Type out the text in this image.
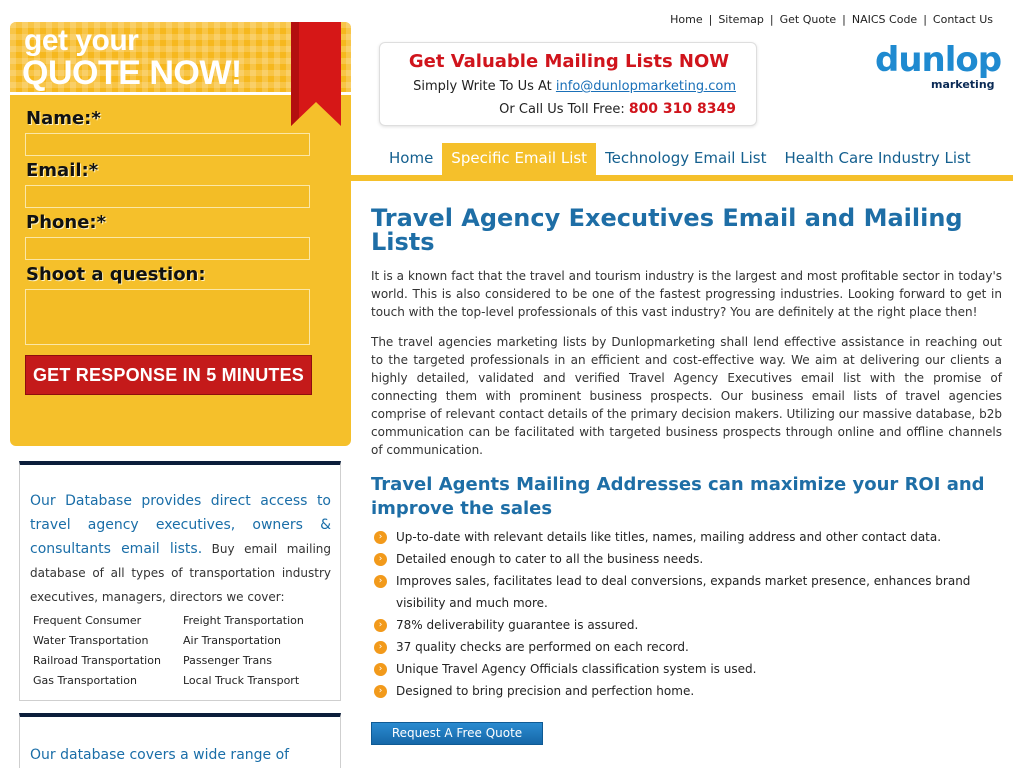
get your
QUOTE NOW!
Name:*
Email:*
Phone:*
Shoot a question:
GET RESPONSE IN 5 MINUTES

Our Database provides direct access to travel agency executives, owners & consultants email lists. Buy email mailing database of all types of transportation industry executives, managers, directors we cover:

Frequent Consumer	Freight Transportation
Water Transportation	Air Transportation
Railroad Transportation	Passenger Trans
Gas Transportation	Local Truck Transport
Our database covers a wide range of
Home | Sitemap | Get Quote | NAICS Code | Contact Us
Get Valuable Mailing Lists NOW
Simply Write To Us At info@dunlopmarketing.com
Or Call Us Toll Free: 800 310 8349
dunlop
marketing
Home	Specific Email List	Technology Email List	Health Care Industry List
Travel Agency Executives Email and Mailing Lists

It is a known fact that the travel and tourism industry is the largest and most profitable sector in today's world. This is also considered to be one of the fastest progressing industries. Looking forward to get in touch with the top-level professionals of this vast industry? You are definitely at the right place then!

The travel agencies marketing lists by Dunlopmarketing shall lend effective assistance in reaching out to the targeted professionals in an efficient and cost-effective way. We aim at delivering our clients a highly detailed, validated and verified Travel Agency Executives email list with the promise of connecting them with prominent business prospects. Our business email lists of travel agencies comprise of relevant contact details of the primary decision makers. Utilizing our massive database, b2b communication can be facilitated with targeted business prospects through online and offline channels of communication.

Travel Agents Mailing Addresses can maximize your ROI and improve the sales
›	Up-to-date with relevant details like titles, names, mailing address and other contact data.
›	Detailed enough to cater to all the business needs.
›	Improves sales, facilitates lead to deal conversions, expands market presence, enhances brand visibility and much more.
›	78% deliverability guarantee is assured.
›	37 quality checks are performed on each record.
›	Unique Travel Agency Officials classification system is used.
›	Designed to bring precision and perfection home.
Request A Free Quote
